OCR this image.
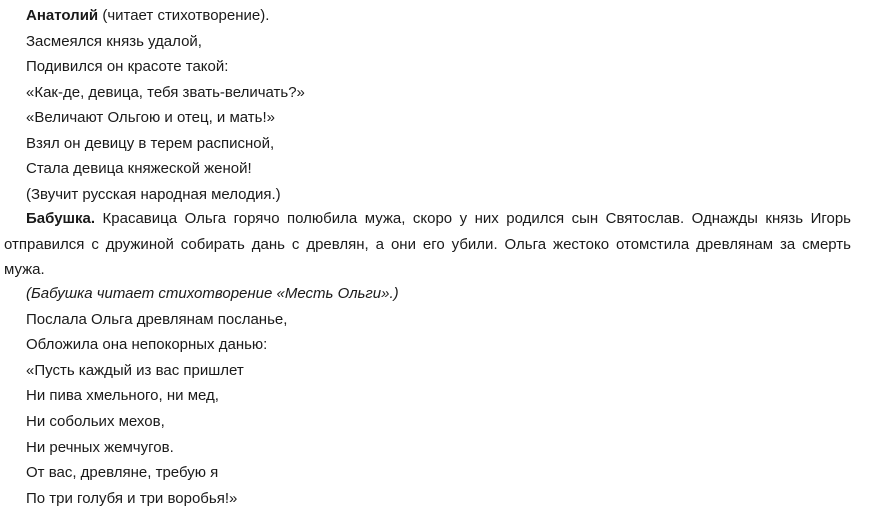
Анатолий (читает стихотворение).
Засмеялся князь удалой,
Подивился он красоте такой:
«Как-де, девица, тебя звать-величать?»
«Величают Ольгою и отец, и мать!»
Взял он девицу в терем расписной,
Стала девица княжеской женой!
(Звучит русская народная мелодия.)
Бабушка. Красавица Ольга горячо полюбила мужа, скоро у них родился сын Святослав. Однажды князь Игорь отправился с дружиной собирать дань с древлян, а они его убили. Ольга жестоко отомстила древлянам за смерть мужа.
(Бабушка читает стихотворение «Месть Ольги».)
Послала Ольга древлянам посланье,
Обложила она непокорных данью:
«Пусть каждый из вас пришлет
Ни пива хмельного, ни мед,
Ни собольих мехов,
Ни речных жемчугов.
От вас, древляне, требую я
По три голубя и три воробья!»
